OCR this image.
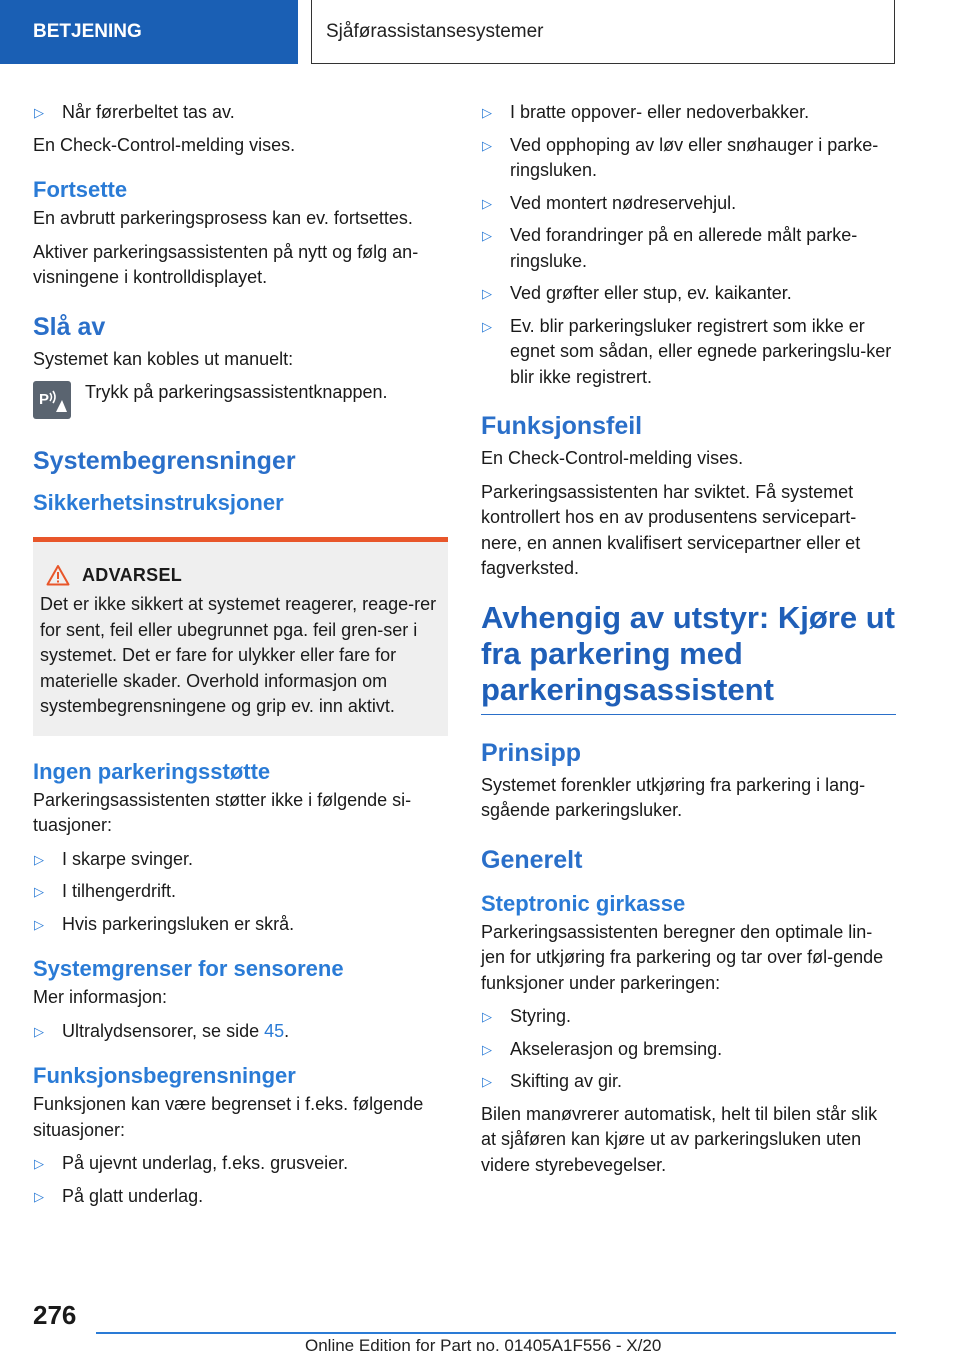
BETJENING	Sjåførassistansesystemer
▷	Når førerbeltet tas av.

En Check-Control-melding vises.

Fortsette

En avbrutt parkeringsprosess kan ev. fortsettes.

Aktiver parkeringsassistenten på nytt og følg an-visningene i kontrolldisplayet.

Slå av

Systemet kan kobles ut manuelt:

P Trykk på parkeringsassistentknappen.

Systembegrensninger
Sikkerhetsinstruksjoner
ADVARSEL

Det er ikke sikkert at systemet reagerer, reage-rer for sent, feil eller ubegrunnet pga. feil gren-ser i systemet. Det er fare for ulykker eller fare for materielle skader. Overhold informasjon om systembegrensningene og grip ev. inn aktivt.

Ingen parkeringsstøtte

Parkeringsassistenten støtter ikke i følgende si-tuasjoner:

▷	I skarpe svinger.
▷	I tilhengerdrift.
▷	Hvis parkeringsluken er skrå.
Systemgrenser for sensorene

Mer informasjon:

▷	Ultralydsensorer, se side 45.
Funksjonsbegrensninger

Funksjonen kan være begrenset i f.eks. følgende situasjoner:

▷	På ujevnt underlag, f.eks. grusveier.
▷	På glatt underlag.
▷	I bratte oppover- eller nedoverbakker.
▷	Ved opphoping av løv eller snøhauger i parke-ringsluken.
▷	Ved montert nødreservehjul.
▷	Ved forandringer på en allerede målt parke-ringsluke.
▷	Ved grøfter eller stup, ev. kaikanter.
▷	Ev. blir parkeringsluker registrert som ikke er egnet som sådan, eller egnede parkeringslu-ker blir ikke registrert.
Funksjonsfeil

En Check-Control-melding vises.

Parkeringsassistenten har sviktet. Få systemet kontrollert hos en av produsentens servicepart-nere, en annen kvalifisert servicepartner eller et fagverksted.

Avhengig av utstyr: Kjøre ut fra parkering med parkeringsassistent
Prinsipp

Systemet forenkler utkjøring fra parkering i lang-sgående parkeringsluker.

Generelt
Steptronic girkasse

Parkeringsassistenten beregner den optimale lin-jen for utkjøring fra parkering og tar over føl-gende funksjoner under parkeringen:

▷	Styring.
▷	Akselerasjon og bremsing.
▷	Skifting av gir.

Bilen manøvrerer automatisk, helt til bilen står slik at sjåføren kan kjøre ut av parkeringsluken uten videre styrebevegelser.

276
Online Edition for Part no. 01405A1F556 - X/20
